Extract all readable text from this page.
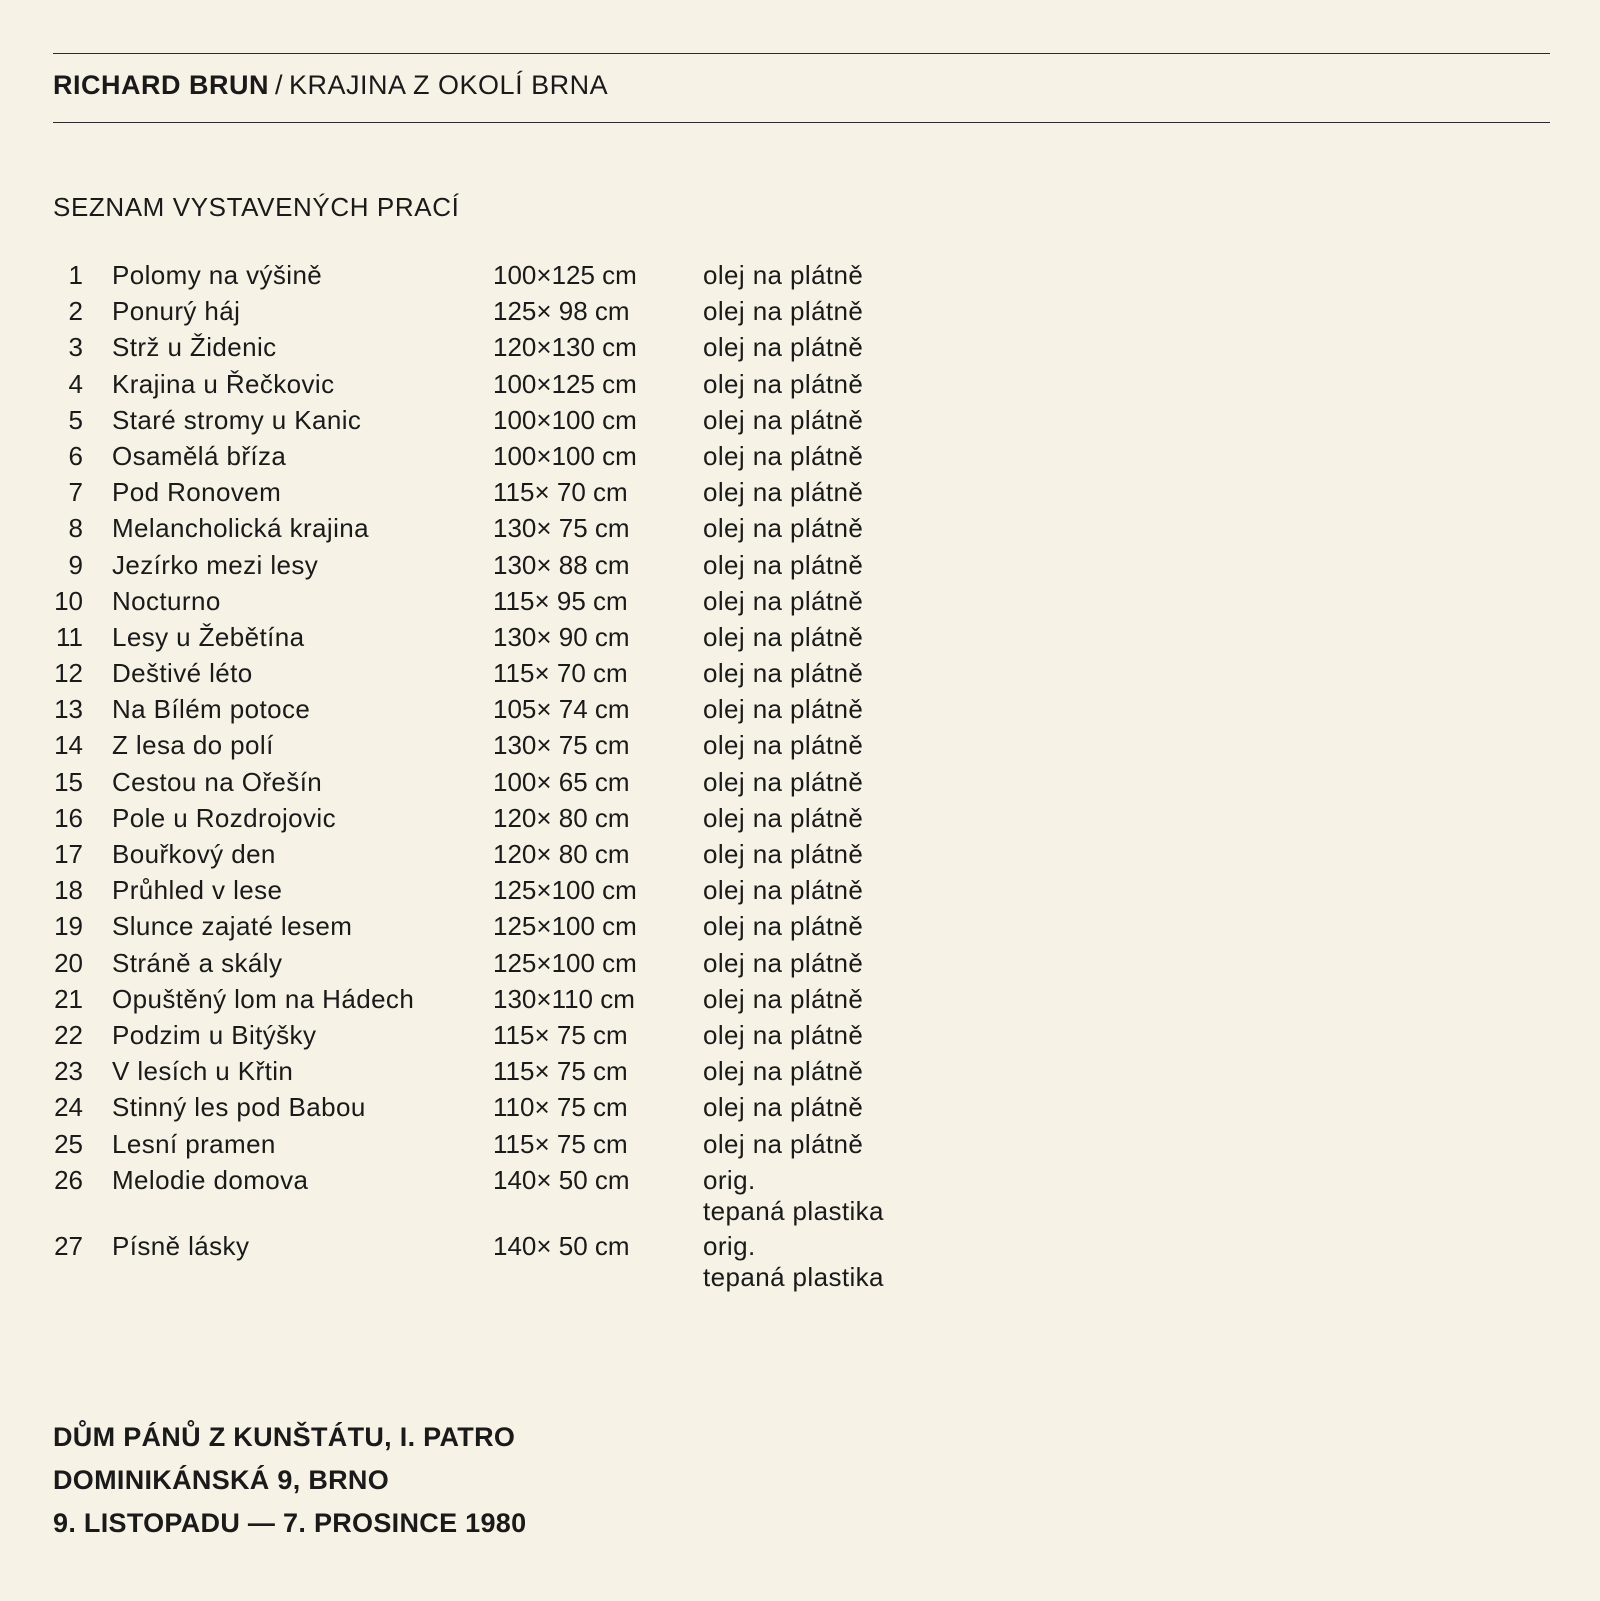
RICHARD BRUN / KRAJINA Z OKOLÍ BRNA
SEZNAM VYSTAVENÝCH PRACÍ
1 Polomy na výšině	100×125 cm	olej na plátně
2 Ponurý háj	125× 98 cm	olej na plátně
3 Strž u Židenic	120×130 cm	olej na plátně
4 Krajina u Řečkovic	100×125 cm	olej na plátně
5 Staré stromy u Kanic	100×100 cm	olej na plátně
6 Osamělá bříza	100×100 cm	olej na plátně
7 Pod Ronovem	115× 70 cm	olej na plátně
8 Melancholická krajina	130× 75 cm	olej na plátně
9 Jezírko mezi lesy	130× 88 cm	olej na plátně
10 Nocturno	115× 95 cm	olej na plátně
11 Lesy u Žebětína	130× 90 cm	olej na plátně
12 Deštivé léto	115× 70 cm	olej na plátně
13 Na Bílém potoce	105× 74 cm	olej na plátně
14 Z lesa do polí	130× 75 cm	olej na plátně
15 Cestou na Ořešín	100× 65 cm	olej na plátně
16 Pole u Rozdrojovic	120× 80 cm	olej na plátně
17 Bouřkový den	120× 80 cm	olej na plátně
18 Průhled v lese	125×100 cm	olej na plátně
19 Slunce zajaté lesem	125×100 cm	olej na plátně
20 Stráně a skály	125×100 cm	olej na plátně
21 Opuštěný lom na Hádech	130×110 cm	olej na plátně
22 Podzim u Bitýšky	115× 75 cm	olej na plátně
23 V lesích u Křtin	115× 75 cm	olej na plátně
24 Stinný les pod Babou	110× 75 cm	olej na plátně
25 Lesní pramen	115× 75 cm	olej na plátně
26 Melodie domova	140× 50 cm	orig.
tepaná plastika
27 Písně lásky	140× 50 cm	orig.
tepaná plastika
DŮM PÁNŮ Z KUNŠTÁTU, I. PATRO
DOMINIKÁNSKÁ 9, BRNO
9. LISTOPADU — 7. PROSINCE 1980
